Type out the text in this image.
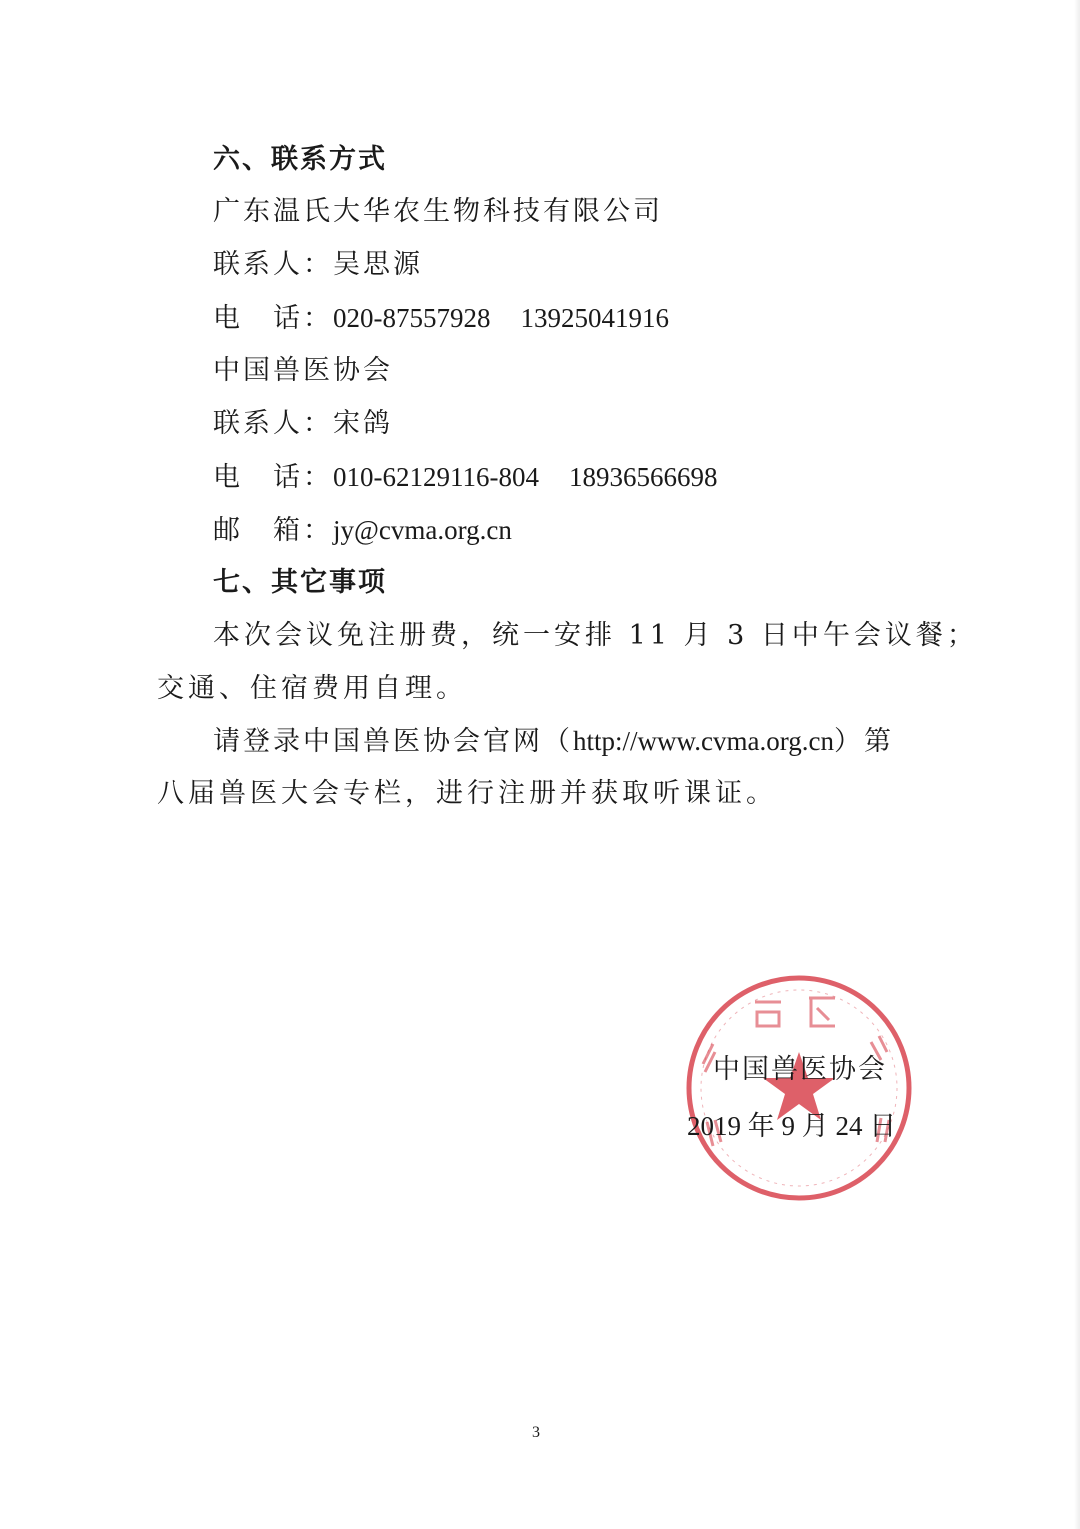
六、联系方式
广东温氏大华农生物科技有限公司
联系人：吴思源
电　话：020-87557928 13925041916
中国兽医协会
联系人：宋鸽
电　话：010-62129116-804 18936566698
邮　箱：jy@cvma.org.cn
七、其它事项
本次会议免注册费，统一安排 11 月 3 日中午会议餐；
交通、住宿费用自理。
请登录中国兽医协会官网（http://www.cvma.org.cn）第
八届兽医大会专栏，进行注册并获取听课证。
中国兽医协会
2019 年 9 月 24 日
3
